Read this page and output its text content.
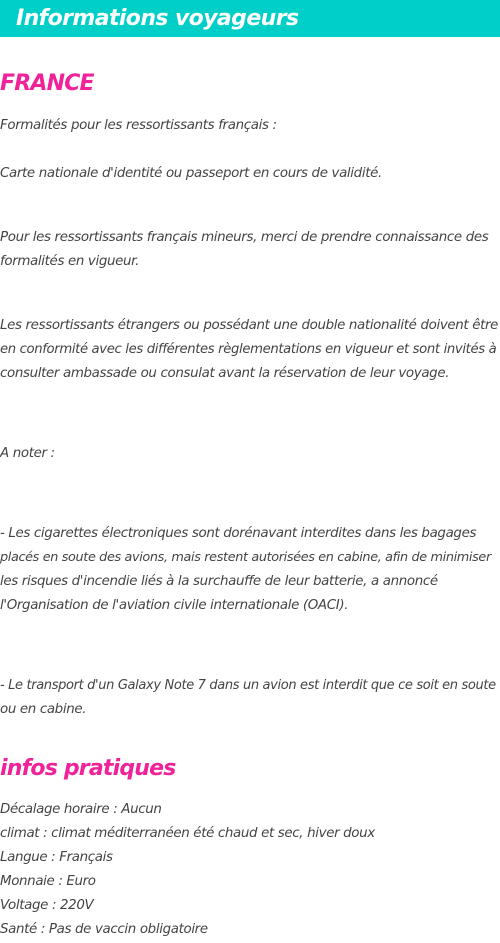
Informations voyageurs
FRANCE

Formalités pour les ressortissants français :

Carte nationale d'identité ou passeport en cours de validité.

Pour les ressortissants français mineurs, merci de prendre connaissance des

formalités en vigueur.

Les ressortissants étrangers ou possédant une double nationalité doivent être

en conformité avec les différentes règlementations en vigueur et sont invités à

consulter ambassade ou consulat avant la réservation de leur voyage.

A noter :

- Les cigarettes électroniques sont dorénavant interdites dans les bagages

placés en soute des avions, mais restent autorisées en cabine, afin de minimiser

les risques d'incendie liés à la surchauffe de leur batterie, a annoncé

l'Organisation de l'aviation civile internationale (OACI).

- Le transport d'un Galaxy Note 7 dans un avion est interdit que ce soit en soute

ou en cabine.

infos pratiques

Décalage horaire : Aucun

climat : climat méditerranéen été chaud et sec, hiver doux

Langue : Français

Monnaie : Euro

Voltage : 220V

Santé : Pas de vaccin obligatoire
